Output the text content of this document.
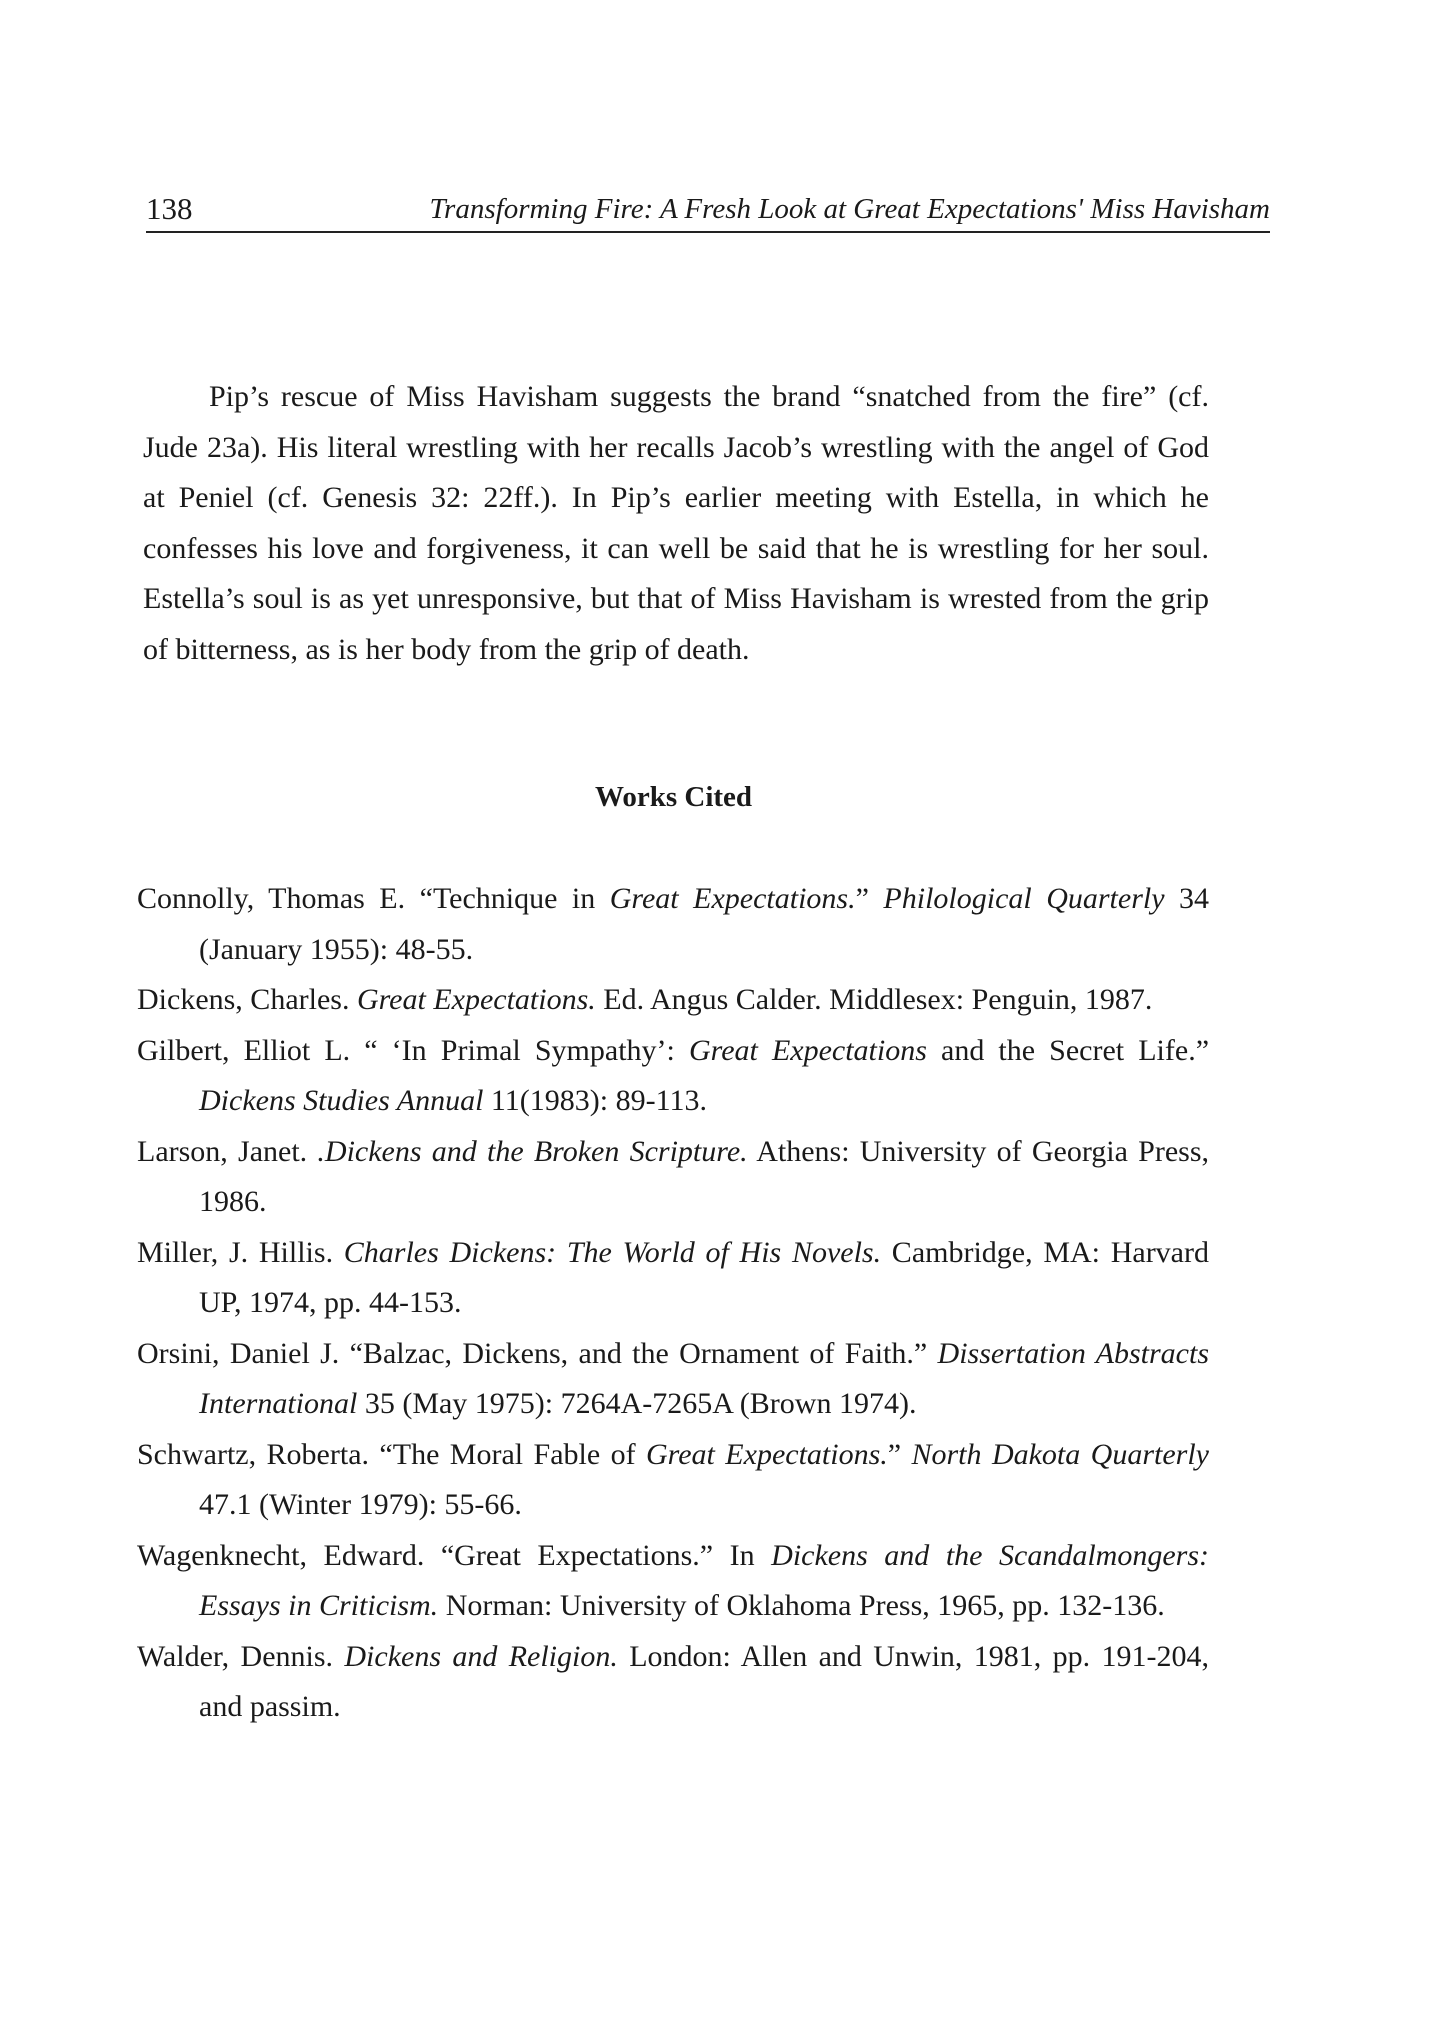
138	Transforming Fire: A Fresh Look at Great Expectations' Miss Havisham

Pip’s rescue of Miss Havisham suggests the brand “snatched from the fire” (cf. Jude 23a). His literal wrestling with her recalls Jacob’s wrestling with the angel of God at Peniel (cf. Genesis 32: 22ff.). In Pip’s earlier meeting with Estella, in which he confesses his love and forgiveness, it can well be said that he is wrestling for her soul. Estella’s soul is as yet unresponsive, but that of Miss Havisham is wrested from the grip of bitterness, as is her body from the grip of death.

Works Cited
Connolly, Thomas E. “Technique in Great Expectations.” Philological Quarterly 34 (January 1955): 48-55.
Dickens, Charles. Great Expectations. Ed. Angus Calder. Middlesex: Penguin, 1987.
Gilbert, Elliot L. “ ‘In Primal Sympathy’: Great Expectations and the Secret Life.” Dickens Studies Annual 11(1983): 89-113.
Larson, Janet. .Dickens and the Broken Scripture. Athens: University of Georgia Press, 1986.
Miller, J. Hillis. Charles Dickens: The World of His Novels. Cambridge, MA: Harvard UP, 1974, pp. 44-153.
Orsini, Daniel J. “Balzac, Dickens, and the Ornament of Faith.” Dissertation Abstracts International 35 (May 1975): 7264A-7265A (Brown 1974).
Schwartz, Roberta. “The Moral Fable of Great Expectations.” North Dakota Quarterly 47.1 (Winter 1979): 55-66.
Wagenknecht, Edward. “Great Expectations.” In Dickens and the Scandalmongers: Essays in Criticism. Norman: University of Oklahoma Press, 1965, pp. 132-136.
Walder, Dennis. Dickens and Religion. London: Allen and Unwin, 1981, pp. 191-204, and passim.
